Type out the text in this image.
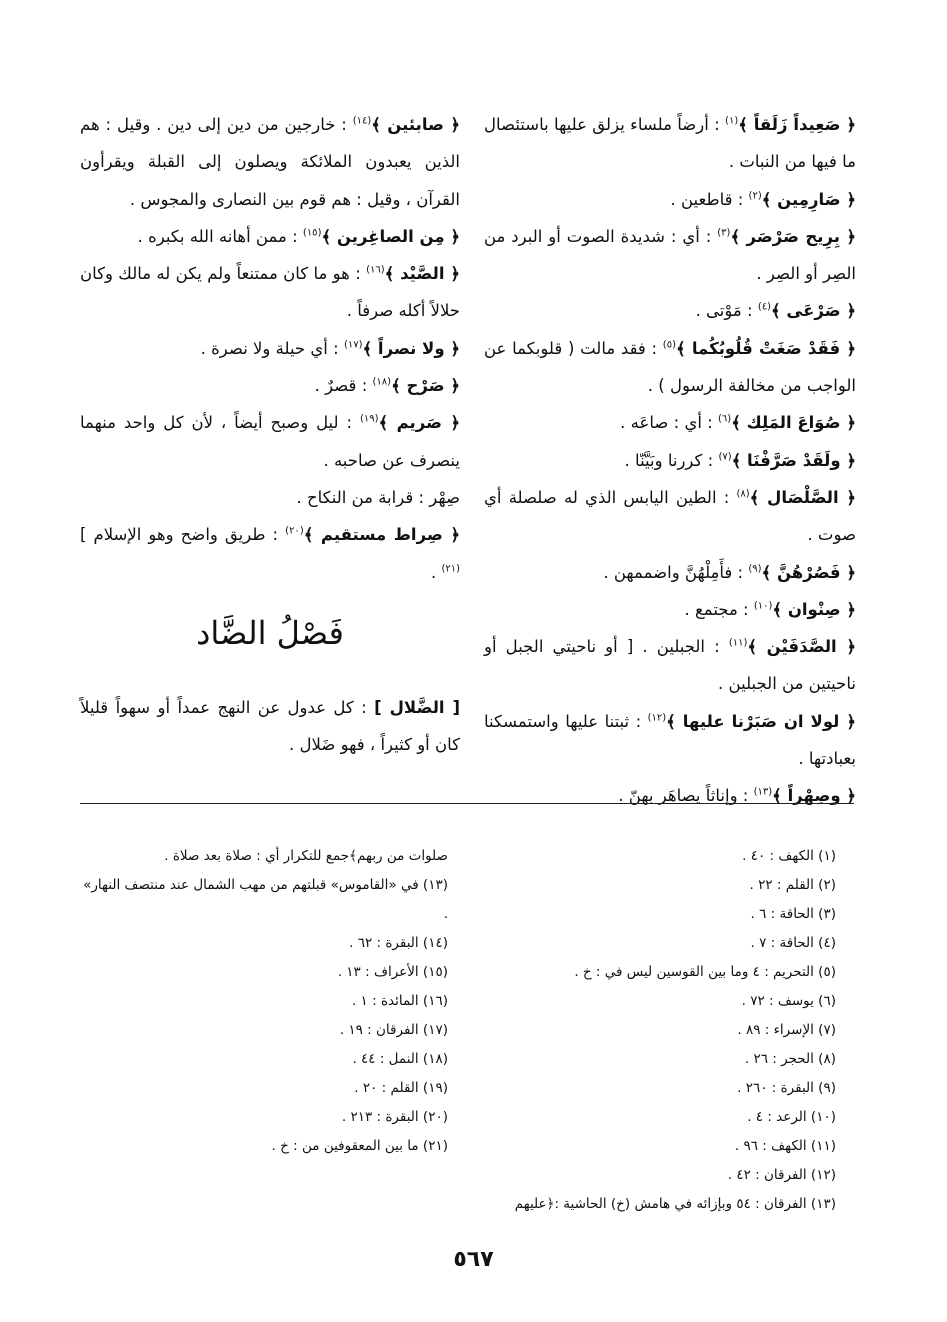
﴿ صَعِيداً زَلَقاً ﴾$^{(١)}$ : أرضاً ملساء يزلق عليها باستئصال ما فيها من النبات .

﴿ صَارِمِين ﴾$^{(٢)}$ : قاطعين .

﴿ بِرِيح صَرْصَر ﴾$^{(٣)}$ : أي : شديدة الصوت أو البرد من الصِر أو الصِر .

﴿ صَرْعَى ﴾$^{(٤)}$ : مَوْتى .

﴿ فَقَدْ صَغَتْ قُلُوبُكُما ﴾$^{(٥)}$ : فقد مالت ( قلوبكما عن الواجب من مخالفة الرسول ) .

﴿ صُوَاعَ المَلِك ﴾$^{(٦)}$ : أي : صاعَه .

﴿ ولَقَدْ صَرَّفْنَا ﴾$^{(٧)}$ : كررنا وبَيَّنّا .

﴿ الصَّلْصَال ﴾$^{(٨)}$ : الطين اليابس الذي له صلصلة أي صوت .

﴿ فَصُرْهُنَّ ﴾$^{(٩)}$ : فأَمِلْهُنَّ واضممهن .

﴿ صِنْوان ﴾$^{(١٠)}$ : مجتمع .

﴿ الصَّدَفَيْن ﴾$^{(١١)}$ : الجبلين . [ أو ناحيتي الجبل أو ناحيتين من الجبلين .

﴿ لولا ان صَبَرْنا عليها ﴾$^{(١٢)}$ : ثبتنا عليها واستمسكنا بعبادتها .

﴿ وصِهْراً ﴾$^{(١٣)}$ : وإناثاً يصاهَر بهنّ .

﴿ صابئين ﴾$^{(١٤)}$ : خارجين من دين إلى دين . وقيل : هم الذين يعبدون الملائكة ويصلون إلى القبلة ويقرأون القرآن ، وقيل : هم قوم بين النصارى والمجوس .

﴿ مِن الصاغِرين ﴾$^{(١٥)}$ : ممن أهانه الله بكبره .

﴿ الصَّيْد ﴾$^{(١٦)}$ : هو ما كان ممتنعاً ولم يكن له مالك وكان حلالاً أكله صرفاً .

﴿ ولا نصراً ﴾$^{(١٧)}$ : أي حيلة ولا نصرة .

﴿ صَرْح ﴾$^{(١٨)}$ : قصرٌ .

﴿ صَريم ﴾$^{(١٩)}$ : ليل وصبح أيضاً ، لأن كل واحد منهما ينصرف عن صاحبه .

صِهْر : قرابة من النكاح .

﴿ صِراط مستقيم ﴾$^{(٢٠)}$ : طريق واضح وهو الإسلام ]$^{(٢١)}$ .

فَصْلُ الضَّاد

[ الضَّلال ] : كل عدول عن النهج عمداً أو سهواً قليلاً كان أو كثيراً ، فهو ضَلال .

(١) الكهف : ٤٠ .

(٢) القلم : ٢٢ .

(٣) الحاقة : ٦ .

(٤) الحاقة : ٧ .

(٥) التحريم : ٤ وما بين القوسين ليس في : خ .

(٦) يوسف : ٧٢ .

(٧) الإسراء : ٨٩ .

(٨) الحجر : ٢٦ .

(٩) البقرة : ٢٦٠ .

(١٠) الرعد : ٤ .

(١١) الكهف : ٩٦ .

(١٢) الفرقان : ٤٢ .

(١٣) الفرقان : ٥٤ وبإزائه في هامش (خ) الحاشية :﴿عليهم

صلوات من ربهم﴾جمع للتكرار أي : صلاة بعد صلاة .

(١٣) في «القاموس» قبلتهم من مهب الشمال عند منتصف النهار» .

(١٤) البقرة : ٦٢ .

(١٥) الأعراف : ١٣ .

(١٦) المائدة : ١ .

(١٧) الفرقان : ١٩ .

(١٨) النمل : ٤٤ .

(١٩) القلم : ٢٠ .

(٢٠) البقرة : ٢١٣ .

(٢١) ما بين المعقوفين من : خ .

٥٦٧
